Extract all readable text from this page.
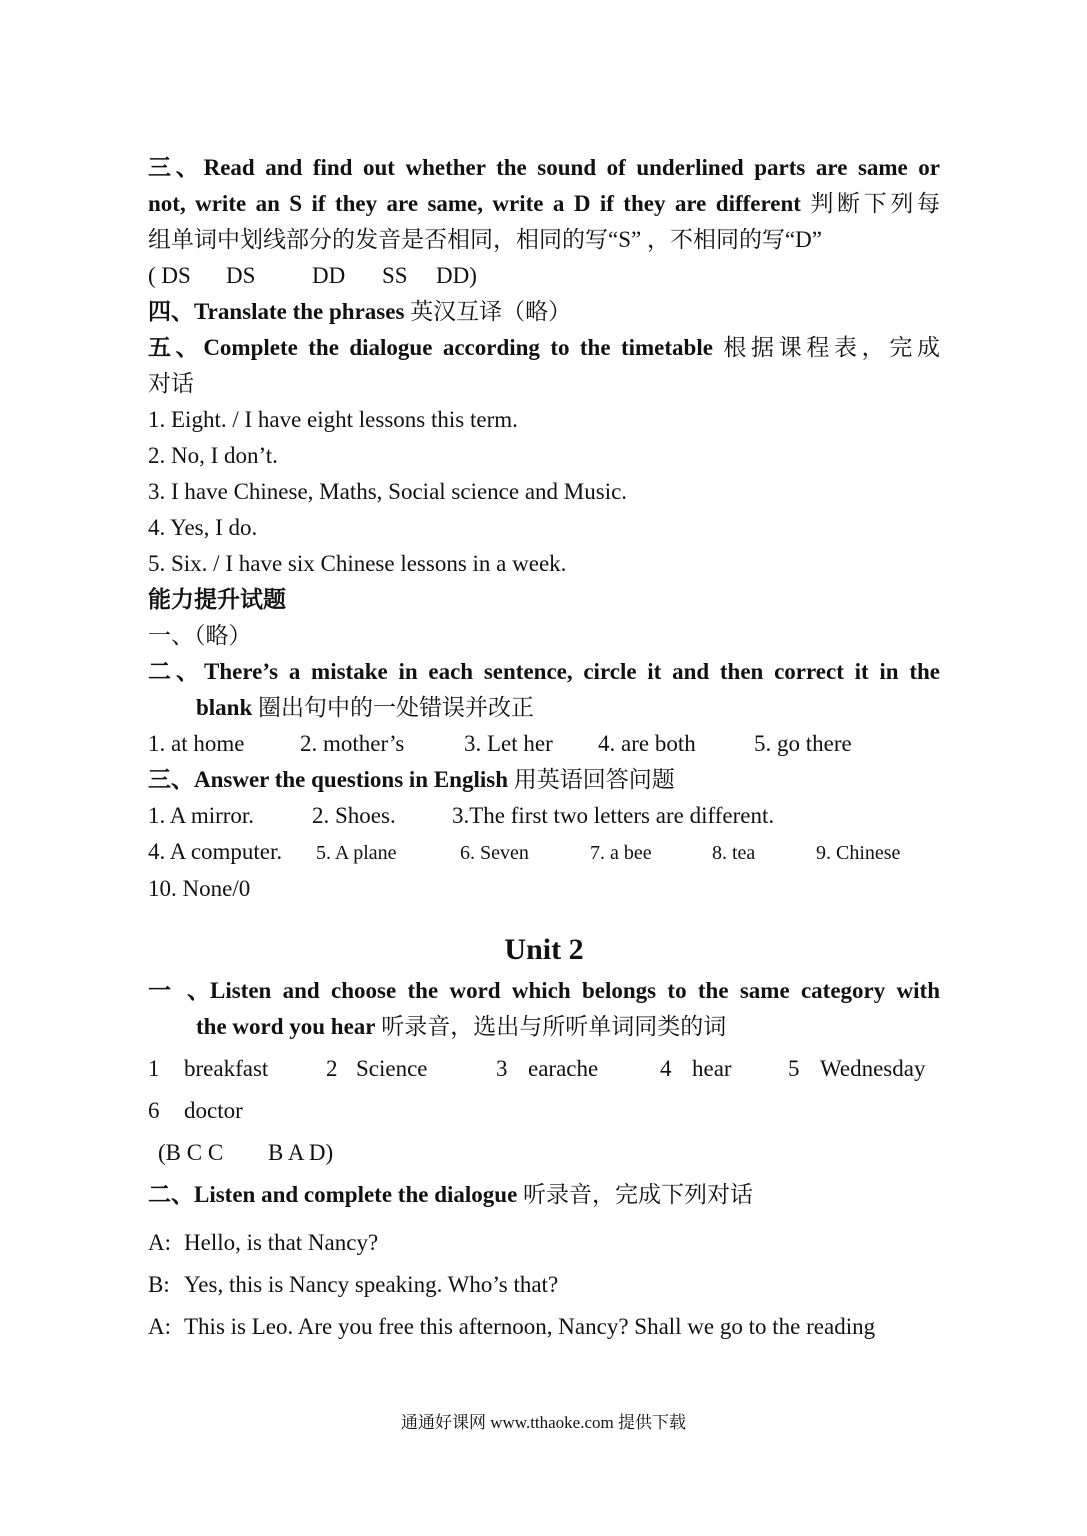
三、Read and find out whether the sound of underlined parts are same or
not, write an S if they are same, write a D if they are different 判断下列每
组单词中划线部分的发音是否相同，相同的写“S” ，不相同的写“D”
( DS DS DD SS DD)
四、Translate the phrases 英汉互译（略）
五、Complete the dialogue according to the timetable 根据课程表，完成
对话
1. Eight. / I have eight lessons this term.
2. No, I don’t.
3. I have Chinese, Maths, Social science and Music.
4. Yes, I do.
5. Six. / I have six Chinese lessons in a week.
能力提升试题
一、（略）
二、There’s a mistake in each sentence, circle it and then correct it in the
blank 圈出句中的一处错误并改正
1. at home 2. mother’s	3. Let her 4. are both	5. go there
三、Answer the questions in English 用英语回答问题
1. A mirror.	2. Shoes. 3.The first two letters are different.
4. A computer. 5. A plane	6. Seven	7. a bee	8. tea	9. Chinese
10. None/0
Unit 2
一、Listen and choose the word which belongs to the same category with
the word you hear 听录音，选出与所听单词同类的词
1 breakfast	2 Science	3 earache	4 hear 5 Wednesday
6 doctor
(B C C B A D)
二、Listen and complete the dialogue 听录音，完成下列对话
A: Hello, is that Nancy?
B: Yes, this is Nancy speaking. Who’s that?
A: This is Leo. Are you free this afternoon, Nancy? Shall we go to the reading
通通好课网 www.tthaoke.com 提供下载
